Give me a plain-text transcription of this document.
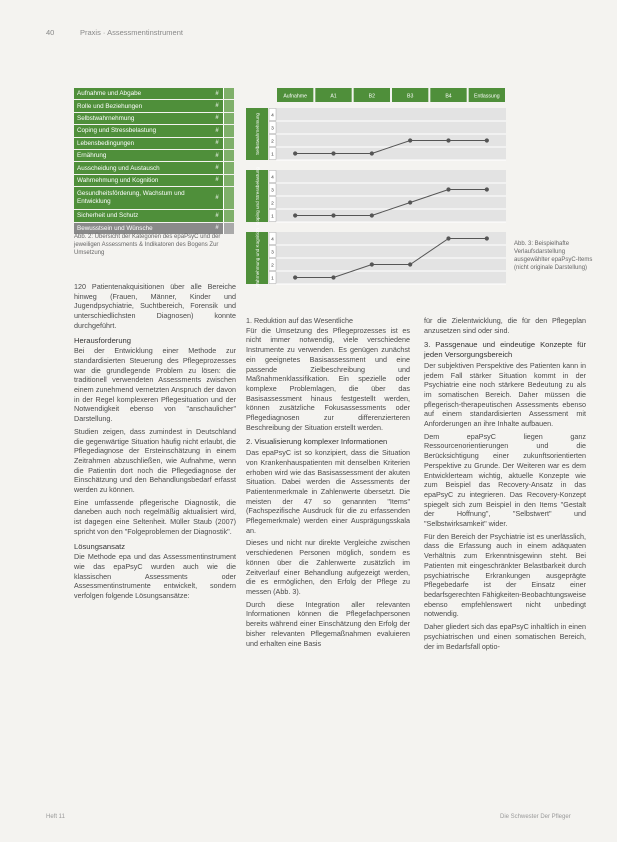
40	Praxis · Assessmentinstrument
Aufnahme und Abgabe	#
Rolle und Beziehungen	#
Selbstwahrnehmung	#
Coping und Stressbelastung	#
Lebensbedingungen	#
Ernährung	#
Ausscheidung und Austausch	#
Wahrnehmung und Kognition	#
Gesundheitsförderung, Wachstum und Entwicklung	#
Sicherheit und Schutz	#
Bewusstsein und Wünsche	#
Abb. 2: Übersicht der Kategorien des epaPsyC und der jeweiligen Assessments & Indikatoren des Bogens Zur Umsetzung
Aufnahme	A1	B2	B3	B4	Entlassung
Selbstwahrnehmung
1
2
3
4
Coping und Stressbelastung 1
2
3
4
Wahrnehmung und Kognition 1
2
3
4
Abb. 3: Beispielhafte Verlaufsdarstellung ausgewählter epaPsyC-Items (nicht originale Darstellung)

120 Patientenakquisitionen über alle Bereiche hinweg (Frauen, Männer, Kinder und Jugendpsychiatrie, Suchtbereich, Forensik und unterschiedlichsten Diagnosen) konnte durchgeführt.

Herausforderung

Bei der Entwicklung einer Methode zur standardisierten Steuerung des Pflegeprozesses war die grundlegende Problem zu lösen: die traditionell verwendeten Assessments zwischen einem zunehmend vernetzten Anspruch der davon in der Regel komplexeren Pflegesituation und der Notwendigkeit ebenso von "anschaulicher" Darstellung.

Studien zeigen, dass zumindest in Deutschland die gegenwärtige Situation häufig nicht erlaubt, die Pflegediagnose der Ersteinschätzung in einem Zeitrahmen abzuschließen, wie Aufnahme, wenn die Patientin dort noch die Pflegediagnose der Einschätzung und den Behandlungsbedarf erfasst werden zu können.

Eine umfassende pflegerische Diagnostik, die daneben auch noch regelmäßig aktualisiert wird, ist dagegen eine Seltenheit. Müller Staub (2007) spricht von den "Folgeproblemen der Diagnostik".

Lösungsansatz

Die Methode epa und das Assessmentinstrument wie das epaPsyC wurden auch wie die klassischen Assessments oder Assessmentinstrumente entwickelt, sondern verfolgen folgende Lösungsansätze:

1. Reduktion auf das Wesentliche
Für die Umsetzung des Pflegeprozesses ist es nicht immer notwendig, viele verschiedene Instrumente zu verwenden. Es genügen zunächst ein geeignetes Basisassessment und eine passende Zielbeschreibung und Maßnahmenklassifikation. Ein spezielle oder komplexe Problemlagen, die über das Basisassessment hinaus festgestellt werden, können zusätzliche Fokusassessments oder Pflegediagnosen zur differenzierteren Beschreibung der Situation erstellt werden.

2. Visualisierung komplexer Informationen

Das epaPsyC ist so konzipiert, dass die Situation von Krankenhauspatienten mit denselben Kriterien erhoben wird wie das Basisassessment der akuten Situation. Dabei werden die Assessments der Patientenmerkmale in Zahlenwerte übersetzt. Die meisten der 47 so genannten "Items" (Fachspezifische Ausdruck für die zu erfassenden Pflegemerkmale) werden einer Ausprägungsskala an.

Dieses und nicht nur direkte Vergleiche zwischen verschiedenen Personen möglich, sondern es können über die Zahlenwerte zusätzlich im Zeitverlauf einer Behandlung aufgezeigt werden, die es ermöglichen, den Erfolg der Pflege zu messen (Abb. 3).

Durch diese Integration aller relevanten Informationen können die Pflegefachpersonen bereits während einer Einschätzung den Erfolg der bisher relevanten Pflegemaßnahmen evaluieren und erhalten eine Basis

für die Zielentwicklung, die für den Pflegeplan anzusetzen sind oder sind.

3. Passgenaue und eindeutige Konzepte für jeden Versorgungsbereich

Der subjektiven Perspektive des Patienten kann in jedem Fall stärker Situation kommt in der Psychiatrie eine noch stärkere Bedeutung zu als im somatischen Bereich. Daher müssen die pflegerisch-therapeutischen Assessments ebenso auf einem standardisierten Assessment mit Anforderungen an ihre Inhalte aufbauen.

Dem epaPsyC liegen ganz Ressourcenorientierungen und die Berücksichtigung einer zukunftsorientierten Perspektive zu Grunde. Der Weiteren war es dem Entwicklerteam wichtig, aktuelle Konzepte wie zum Beispiel das Recovery-Ansatz in das epaPsyC zu integrieren. Das Recovery-Konzept spiegelt sich zum Beispiel in den Items "Gestalt der Hoffnung", "Selbstwert" und "Selbstwirksamkeit" wider.

Für den Bereich der Psychiatrie ist es unerlässlich, dass die Erfassung auch in einem adäquaten Verhältnis zum Erkenntnisgewinn steht. Bei Patienten mit eingeschränkter Belastbarkeit durch psychiatrische Erkrankungen ausgeprägte Pflegebedarfe ist der Einsatz einer bedarfsgerechten Fähigkeiten-Beobachtungsweise ebenso empfehlenswert nicht unbedingt notwendig.

Daher gliedert sich das epaPsyC inhaltlich in einen psychiatrischen und einen somatischen Bereich, der im Bedarfsfall optio-

Heft 11	Die Schwester Der Pfleger
